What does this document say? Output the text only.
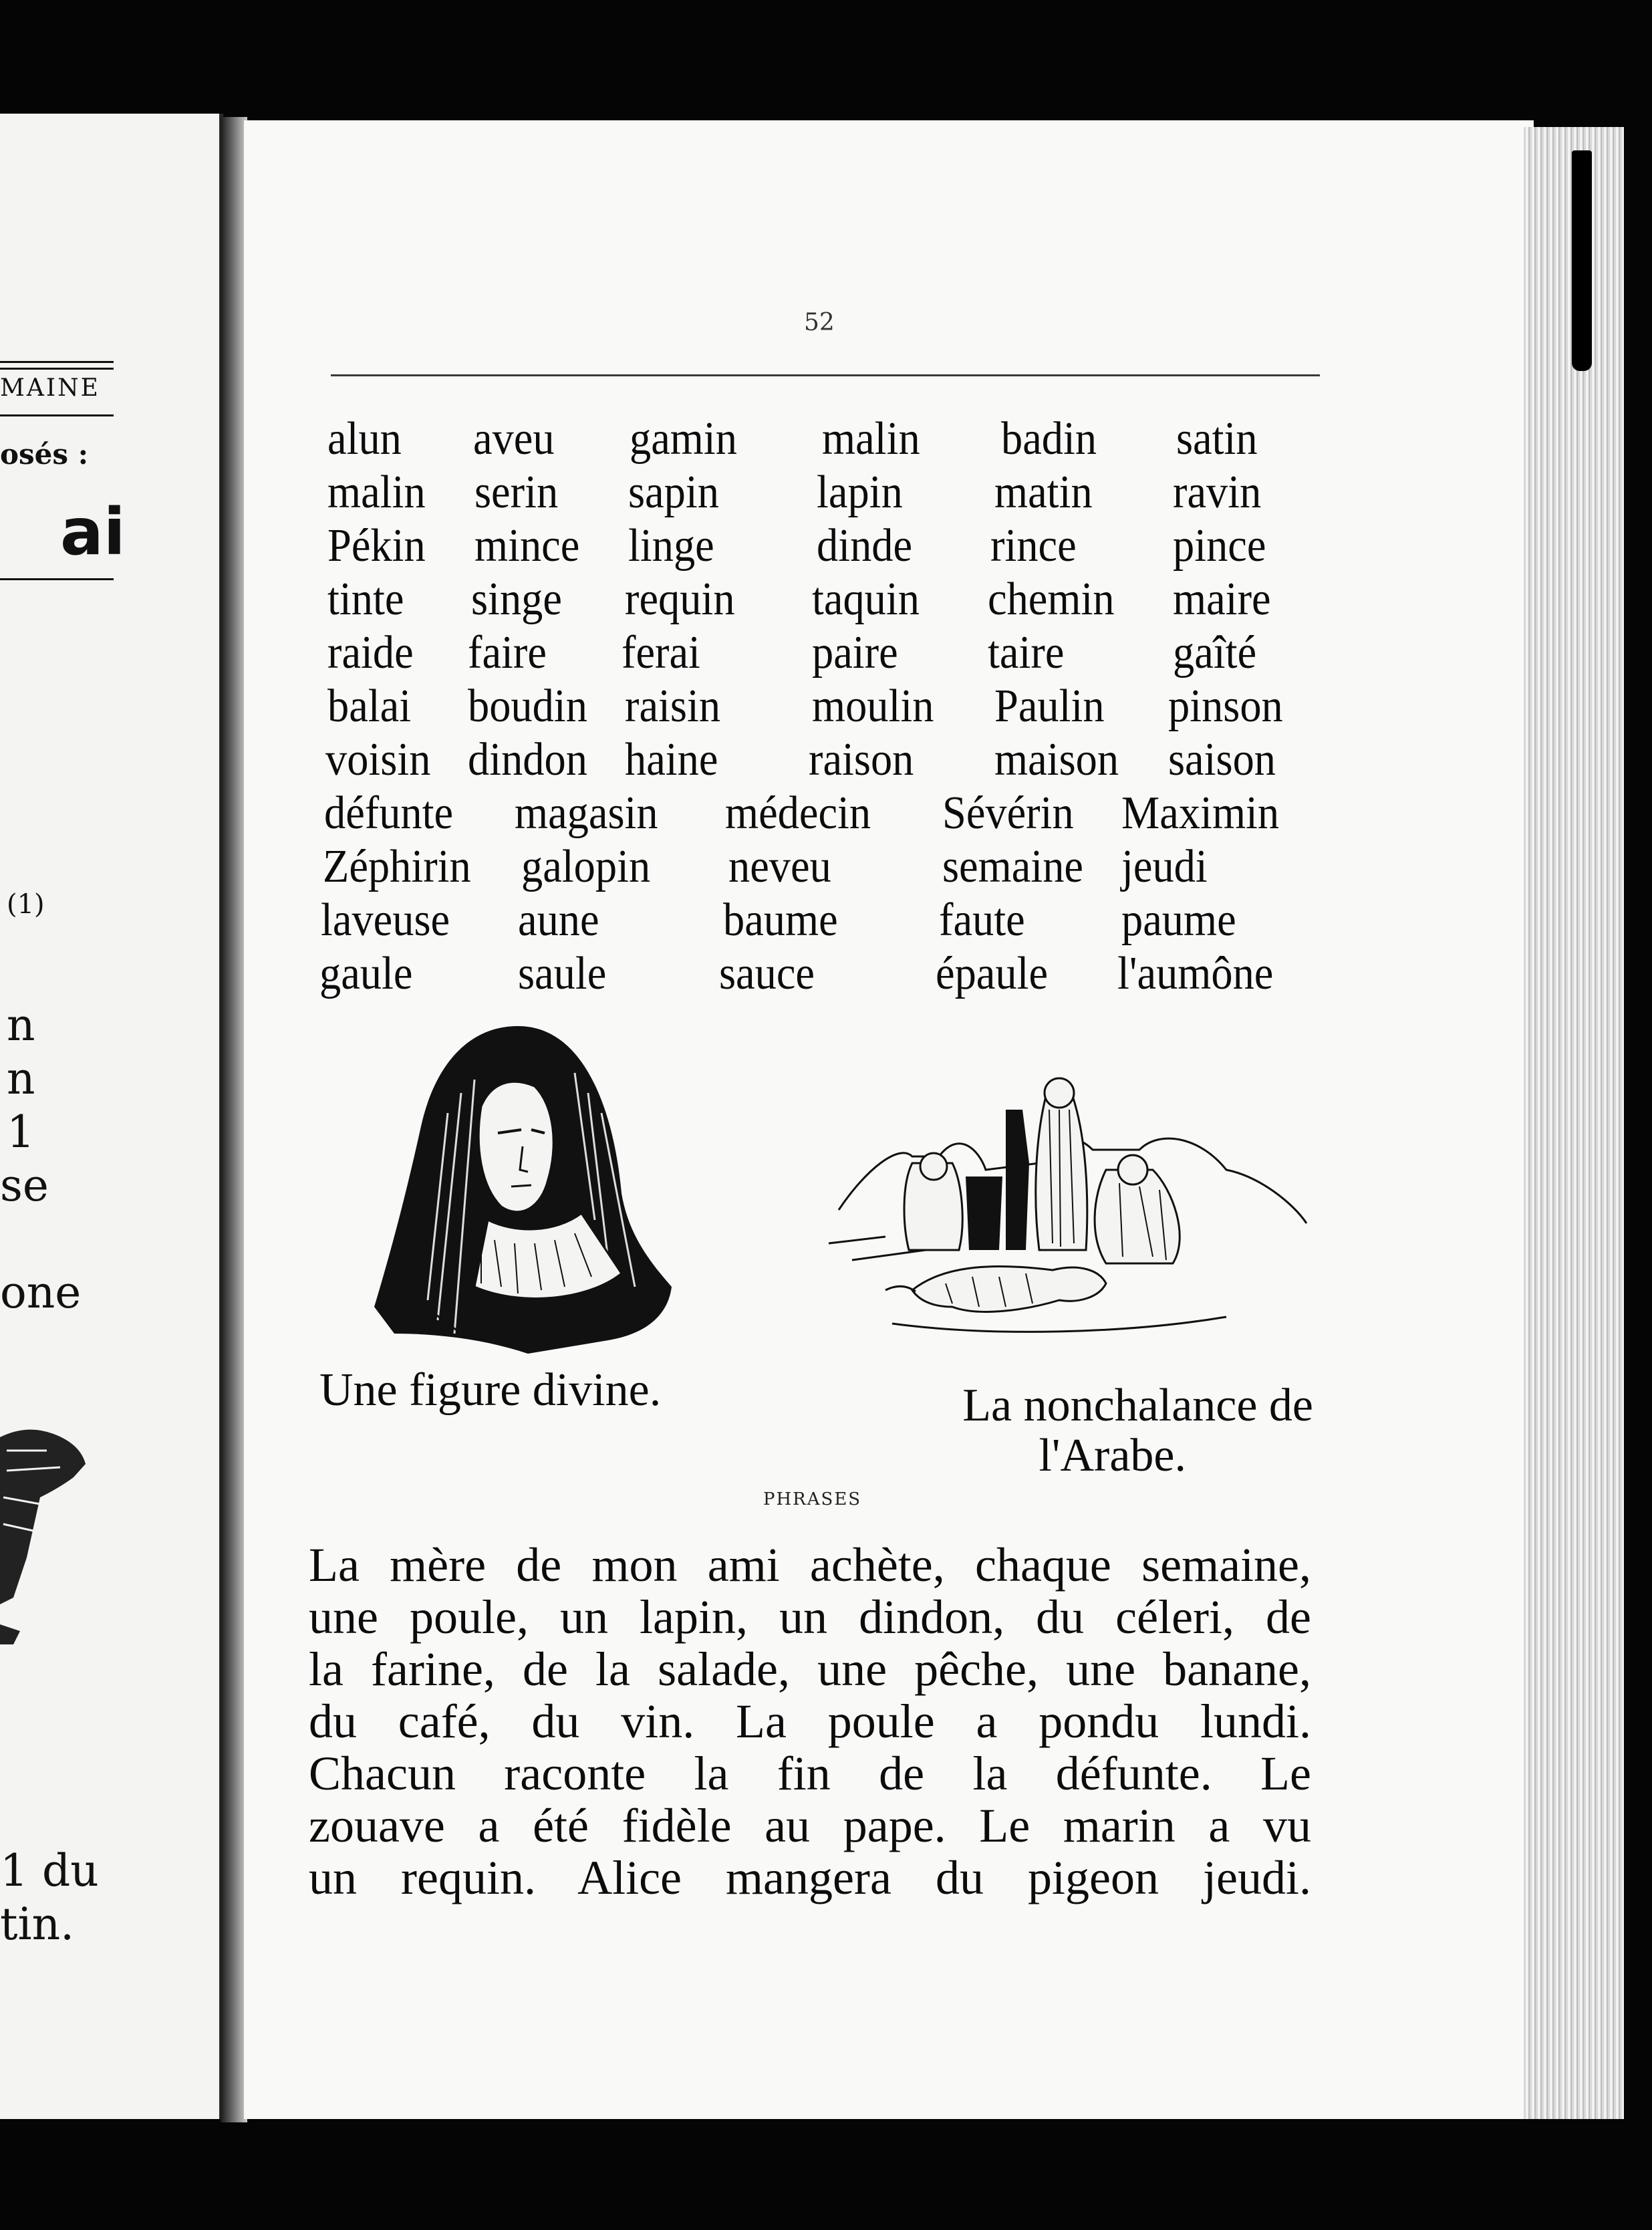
MAINE
osés :
ai
(1)
n
n
1
se
one
1 du
tin.
52
alun aveu gamin malin badin satin
malin serin sapin lapin matin ravin
Pékin mince linge dinde rince pince
tinte singe requin taquin chemin maire
raide faire ferai paire taire gaîté
balai boudin raisin moulin Paulin pinson
voisin dindon haine raison maison saison
défunte magasin médecin Sévérin Maximin
Zéphirin galopin neveu semaine jeudi
laveuse aune	baume faute paume
gaule saule sauce	épaule l'aumône
Une figure divine.	La nonchalance de
l'Arabe.
PHRASES
La mère de mon ami achète, chaque semaine,
une poule, un lapin, un dindon, du céleri, de
la farine, de la salade, une pêche, une banane,
du café, du vin. La poule a pondu lundi.
Chacun raconte la fin de la défunte. Le
zouave a été fidèle au pape. Le marin a vu
un requin. Alice mangera du pigeon jeudi.
